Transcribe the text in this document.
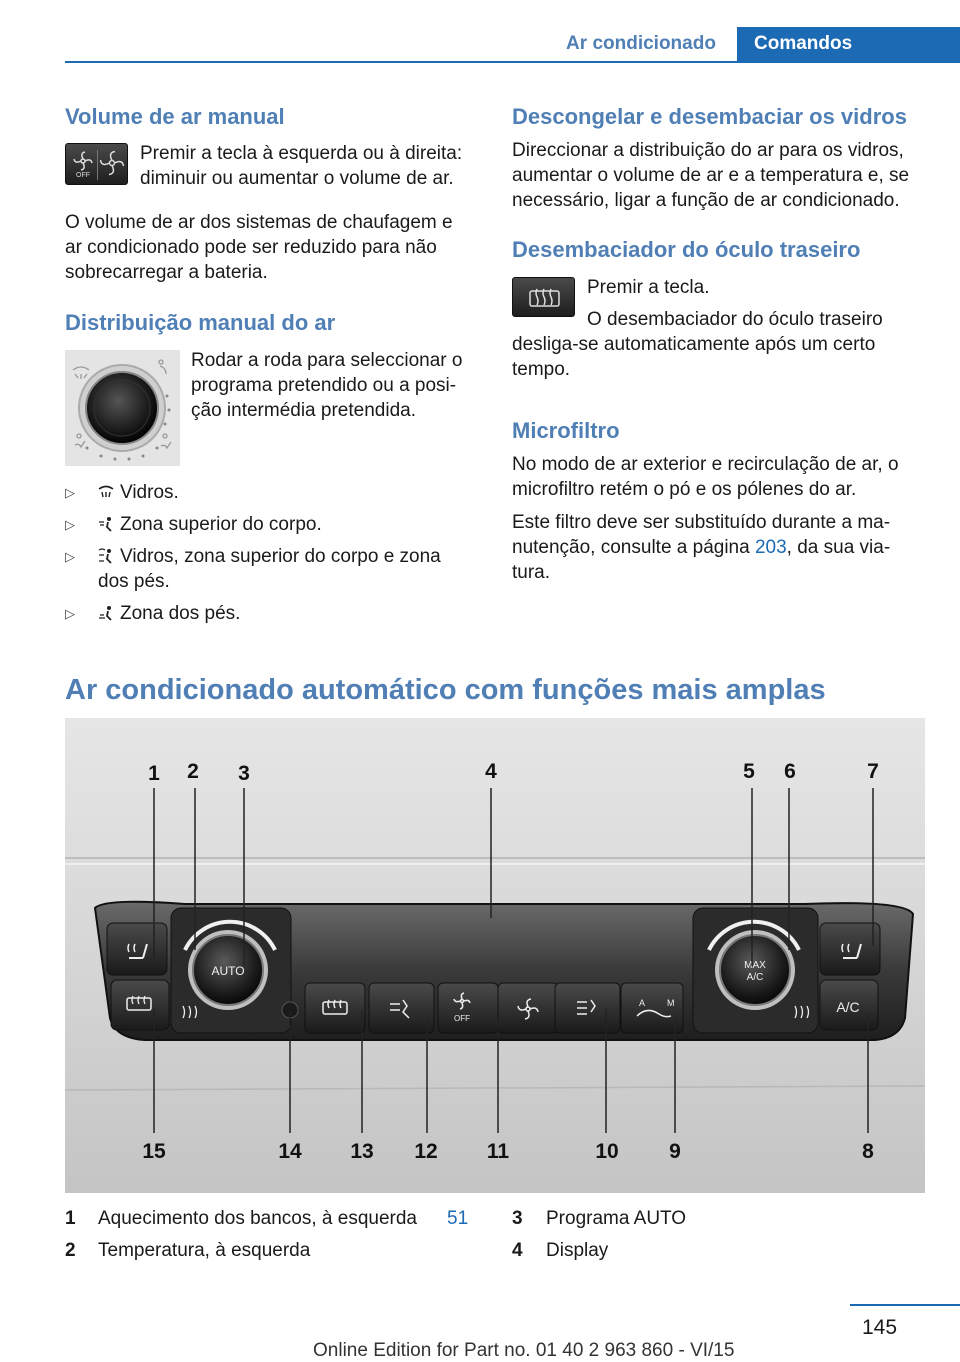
Ar condicionado	Comandos
Volume de ar manual
OFF
Premir a tecla à esquerda ou à direita:
diminuir ou aumentar o volume de ar.
O volume de ar dos sistemas de chaufagem e
ar condicionado pode ser reduzido para não
sobrecarregar a bateria.
Distribuição manual do ar
Rodar a roda para seleccionar o
programa pretendido ou a posi-
ção intermédia pretendida.
▷	Vidros.
▷	Zona superior do corpo.
▷	Vidros, zona superior do corpo e zona
dos pés.
▷	Zona dos pés.
Descongelar e desembaciar os vidros
Direccionar a distribuição do ar para os vidros,
aumentar o volume de ar e a temperatura e, se
necessário, ligar a função de ar condicionado.
Desembaciador do óculo traseiro
Premir a tecla.
O desembaciador do óculo traseiro
desliga-se automaticamente após um certo
tempo.
Microfiltro
No modo de ar exterior e recirculação de ar, o
microfiltro retém o pó e os pólenes do ar.
Este filtro deve ser substituído durante a ma-
nutenção, consulte a página 203, da sua via-
tura.
Ar condicionado automático com funções mais amplas
AUTO
OFF
A M
MAX
A/C
A/C
1 2 3	4	5 6	7
15	14 13 12 11	10 9	8
1 Aquecimento dos bancos, à esquerda 51
2 Temperatura, à esquerda
3 Programa AUTO
4 Display
145
Online Edition for Part no. 01 40 2 963 860 - VI/15
